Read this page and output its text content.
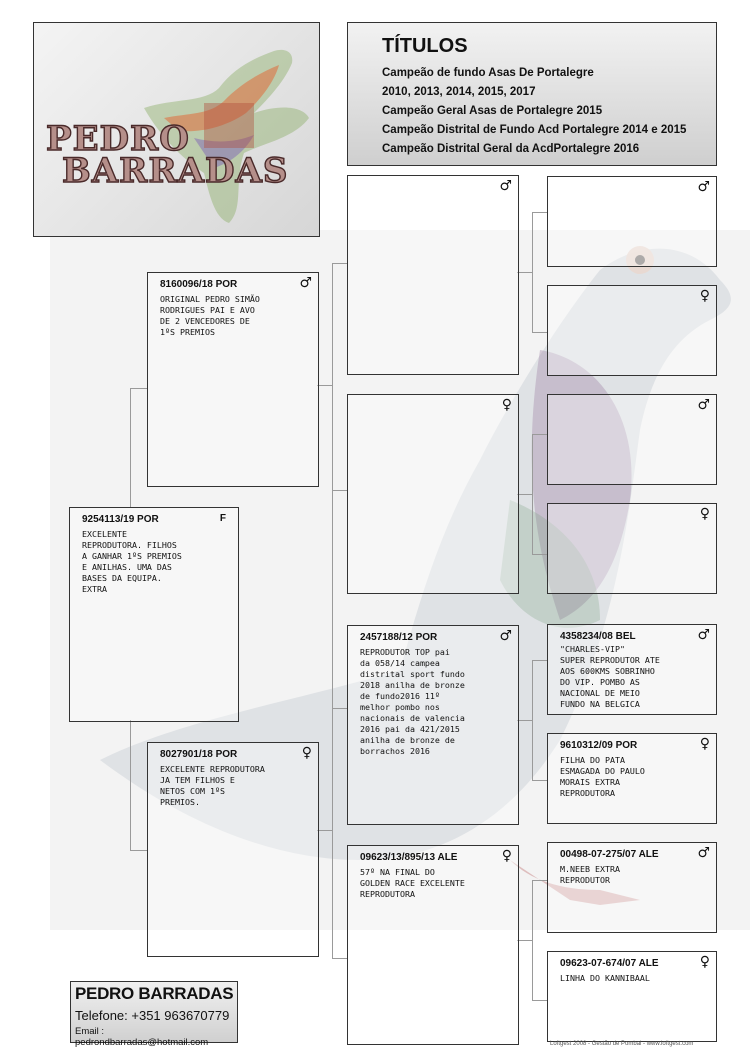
PEDRO
BARRADAS
TÍTULOS
Campeão de fundo Asas De Portalegre
2010, 2013, 2014, 2015, 2017
Campeão Geral Asas de Portalegre 2015
Campeão Distrital de Fundo Acd Portalegre 2014 e 2015
Campeão Distrital Geral da AcdPortalegre 2016
9254113/19 POR	F
EXCELENTE
REPRODUTORA. FILHOS
A GANHAR 1ºS PREMIOS
E ANILHAS. UMA DAS
BASES DA EQUIPA.
EXTRA
8160096/18 POR	♂
ORIGINAL PEDRO SIMÃO
RODRIGUES PAI E AVO
DE 2 VENCEDORES DE
1ºS PREMIOS
8027901/18 POR	♀
EXCELENTE REPRODUTORA
JA TEM FILHOS E
NETOS COM 1ºS
PREMIOS.
♂
♀
2457188/12 POR	♂
REPRODUTOR TOP pai
da 058/14 campea
distrital sport fundo
2018 anilha de bronze
de fundo2016 11º
melhor pombo nos
nacionais de valencia
2016 pai da 421/2015
anilha de bronze de
borrachos 2016
09623/13/895/13 ALE	♀
57º NA FINAL DO
GOLDEN RACE EXCELENTE
REPRODUTORA
♂
♀
♂
♀
4358234/08 BEL	♂
"CHARLES-VIP"
SUPER REPRODUTOR ATE
AOS 600KMS SOBRINHO
DO VIP. POMBO AS
NACIONAL DE MEIO
FUNDO NA BELGICA
9610312/09 POR	♀
FILHA DO PATA
ESMAGADA DO PAULO
MORAIS EXTRA
REPRODUTORA
00498-07-275/07 ALE	♂
M.NEEB EXTRA
REPRODUTOR
09623-07-674/07 ALE	♀
LINHA DO KANNIBAAL
PEDRO BARRADAS
Telefone: +351 963670779
Email : pedrondbarradas@hotmail.com	Loftgest 2008 - Gestão de Pombal - www.loftgest.com
